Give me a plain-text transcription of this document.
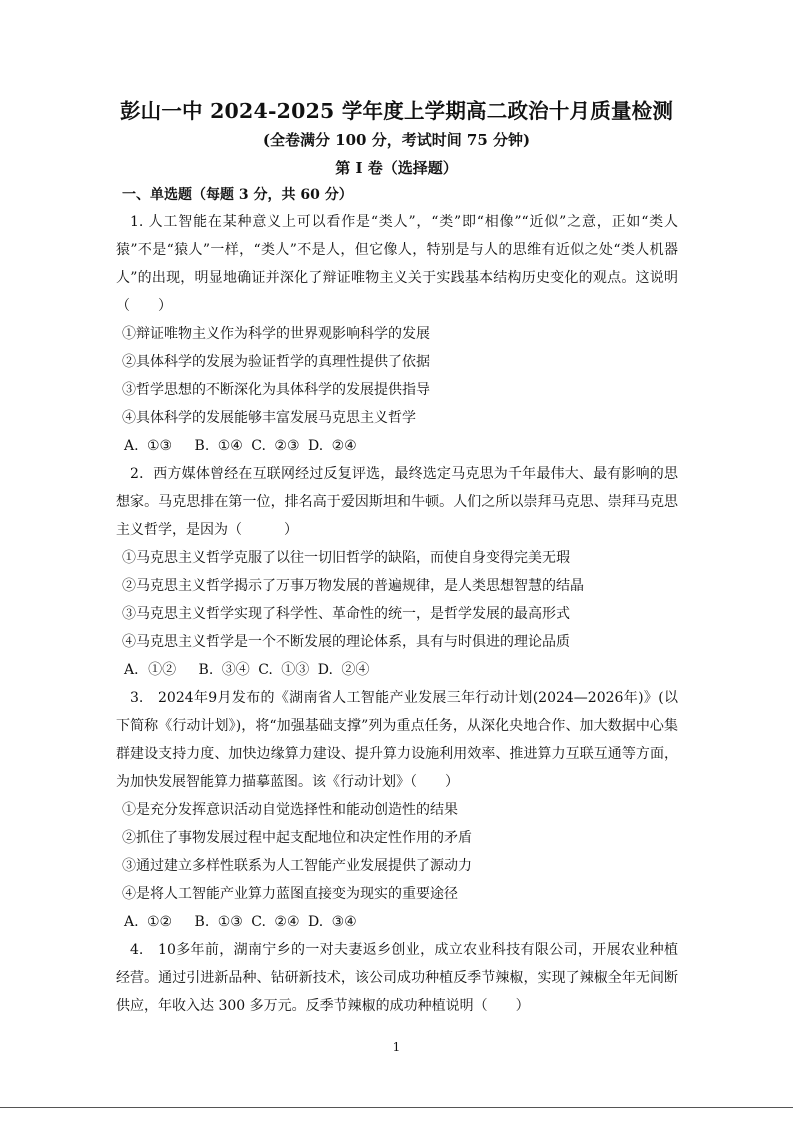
彭山一中 2024-2025 学年度上学期高二政治十月质量检测
(全卷满分 100 分，考试时间 75 分钟)
第 I 卷（选择题）
一、单选题（每题 3 分，共 60 分）

1. 人工智能在某种意义上可以看作是“类人”，“类”即“相像”“近似”之意，正如“类人猿”不是“猿人”一样，“类人”不是人，但它像人，特别是与人的思维有近似之处“类人机器人”的出现，明显地确证并深化了辩证唯物主义关于实践基本结构历史变化的观点。这说明（　　）

①辩证唯物主义作为科学的世界观影响科学的发展

②具体科学的发展为验证哲学的真理性提供了依据

③哲学思想的不断深化为具体科学的发展提供指导

④具体科学的发展能够丰富发展马克思主义哲学

A. ①③　 B. ①④ C. ②③ D. ②④

2．西方媒体曾经在互联网经过反复评选，最终选定马克思为千年最伟大、最有影响的思想家。马克思排在第一位，排名高于爱因斯坦和牛顿。人们之所以崇拜马克思、崇拜马克思主义哲学，是因为（　　　）

①马克思主义哲学克服了以往一切旧哲学的缺陷，而使自身变得完美无瑕

②马克思主义哲学揭示了万事万物发展的普遍规律，是人类思想智慧的结晶

③马克思主义哲学实现了科学性、革命性的统一，是哲学发展的最高形式

④马克思主义哲学是一个不断发展的理论体系，具有与时俱进的理论品质

A．①②　 B. ③④ C. ①③ D. ②④

3.　2024年9月发布的《湖南省人工智能产业发展三年行动计划(2024—2026年)》(以下简称《行动计划》)，将“加强基础支撑”列为重点任务，从深化央地合作、加大数据中心集群建设支持力度、加快边缘算力建设、提升算力设施利用效率、推进算力互联互通等方面，为加快发展智能算力描摹蓝图。该《行动计划》（　　）

①是充分发挥意识活动自觉选择性和能动创造性的结果

②抓住了事物发展过程中起支配地位和决定性作用的矛盾

③通过建立多样性联系为人工智能产业发展提供了源动力

④是将人工智能产业算力蓝图直接变为现实的重要途径

A. ①②　 B. ①③ C. ②④ D. ③④

4.　10多年前，湖南宁乡的一对夫妻返乡创业，成立农业科技有限公司，开展农业种植经营。通过引进新品种、钻研新技术，该公司成功种植反季节辣椒，实现了辣椒全年无间断供应，年收入达 300 多万元。反季节辣椒的成功种植说明（　　）

1
